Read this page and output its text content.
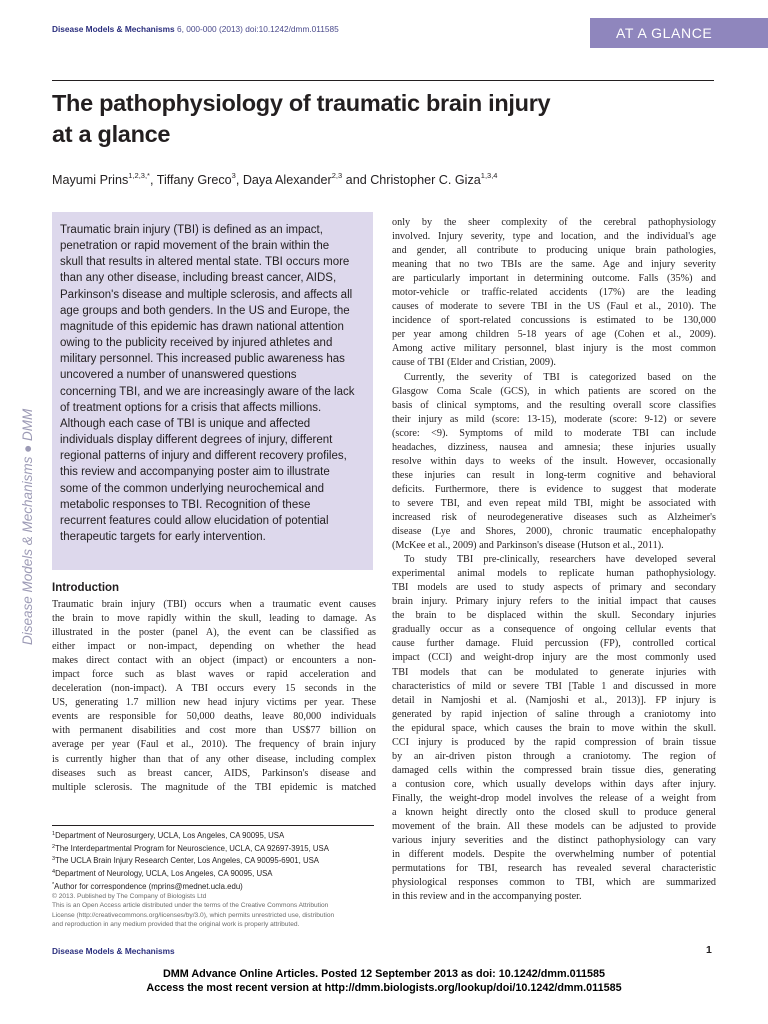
Disease Models & Mechanisms 6, 000-000 (2013) doi:10.1242/dmm.011585	AT A GLANCE
Disease Models & Mechanisms ● DMM
The pathophysiology of traumatic brain injury
at a glance
Mayumi Prins$^{1,2,3,*}$, Tiffany Greco$^3$, Daya Alexander$^{2,3}$ and Christopher C. Giza$^{1,3,4}$

Traumatic brain injury (TBI) is defined as an impact,

penetration or rapid movement of the brain within the

skull that results in altered mental state. TBI occurs more

than any other disease, including breast cancer, AIDS,

Parkinson's disease and multiple sclerosis, and affects all

age groups and both genders. In the US and Europe, the

magnitude of this epidemic has drawn national attention

owing to the publicity received by injured athletes and

military personnel. This increased public awareness has

uncovered a number of unanswered questions

concerning TBI, and we are increasingly aware of the lack

of treatment options for a crisis that affects millions.

Although each case of TBI is unique and affected

individuals display different degrees of injury, different

regional patterns of injury and different recovery profiles,

this review and accompanying poster aim to illustrate

some of the common underlying neurochemical and

metabolic responses to TBI. Recognition of these

recurrent features could allow elucidation of potential

therapeutic targets for early intervention.

Introduction
Traumatic brain injury (TBI) occurs when a traumatic event causes
the brain to move rapidly within the skull, leading to damage. As
illustrated in the poster (panel A), the event can be classified as
either impact or non-impact, depending on whether the head
makes direct contact with an object (impact) or encounters a non-
impact force such as blast waves or rapid acceleration and
deceleration (non-impact). A TBI occurs every 15 seconds in the
US, generating 1.7 million new head injury victims per year. These
events are responsible for 50,000 deaths, leave 80,000 individuals
with permanent disabilities and cost more than US$77 billion on
average per year (Faul et al., 2010). The frequency of brain injury
is currently higher than that of any other disease, including complex
diseases such as breast cancer, AIDS, Parkinson's disease and
multiple sclerosis. The magnitude of the TBI epidemic is matched
only by the sheer complexity of the cerebral pathophysiology
involved. Injury severity, type and location, and the individual's age
and gender, all contribute to producing unique brain pathologies,
meaning that no two TBIs are the same. Age and injury severity
are particularly important in determining outcome. Falls (35%) and
motor-vehicle or traffic-related accidents (17%) are the leading
causes of moderate to severe TBI in the US (Faul et al., 2010). The
incidence of sport-related concussions is estimated to be 130,000
per year among children 5-18 years of age (Cohen et al., 2009).
Among active military personnel, blast injury is the most common
cause of TBI (Elder and Cristian, 2009).
Currently, the severity of TBI is categorized based on the
Glasgow Coma Scale (GCS), in which patients are scored on the
basis of clinical symptoms, and the resulting overall score classifies
their injury as mild (score: 13-15), moderate (score: 9-12) or severe
(score: <9). Symptoms of mild to moderate TBI can include
headaches, dizziness, nausea and amnesia; these injuries usually
resolve within days to weeks of the insult. However, occasionally
these injuries can result in long-term cognitive and behavioral
deficits. Furthermore, there is evidence to suggest that moderate
to severe TBI, and even repeat mild TBI, might be associated with
increased risk of neurodegenerative diseases such as Alzheimer's
disease (Lye and Shores, 2000), chronic traumatic encephalopathy
(McKee et al., 2009) and Parkinson's disease (Hutson et al., 2011).
To study TBI pre-clinically, researchers have developed several
experimental animal models to replicate human pathophysiology.
TBI models are used to study aspects of primary and secondary
brain injury. Primary injury refers to the initial impact that causes
the brain to be displaced within the skull. Secondary injuries
gradually occur as a consequence of ongoing cellular events that
cause further damage. Fluid percussion (FP), controlled cortical
impact (CCI) and weight-drop injury are the most commonly used
TBI models that can be modulated to generate injuries with
characteristics of mild or severe TBI [Table 1 and discussed in more
detail in Namjoshi et al. (Namjoshi et al., 2013)]. FP injury is
generated by rapid injection of saline through a craniotomy into
the epidural space, which causes the brain to move within the skull.
CCI injury is produced by the rapid compression of brain tissue
by an air-driven piston through a craniotomy. The region of
damaged cells within the compressed brain tissue dies, generating
a contusion core, which usually develops within days after injury.
Finally, the weight-drop model involves the release of a weight from
a known height directly onto the closed skull to produce general
movement of the brain. All these models can be adjusted to provide
various injury severities and the distinct pathophysiology can vary
in different models. Despite the overwhelming number of potential
permutations for TBI, research has revealed several characteristic
physiological responses common to TBI, which are summarized
in this review and in the accompanying poster.
$^1$Department of Neurosurgery, UCLA, Los Angeles, CA 90095, USA
$^2$The Interdepartmental Program for Neuroscience, UCLA, CA 92697-3915, USA
$^3$The UCLA Brain Injury Research Center, Los Angeles, CA 90095-6901, USA
$^4$Department of Neurology, UCLA, Los Angeles, CA 90095, USA
*Author for correspondence (mprins@mednet.ucla.edu)
© 2013. Published by The Company of Biologists Ltd
This is an Open Access article distributed under the terms of the Creative Commons Attribution
License (http://creativecommons.org/licenses/by/3.0), which permits unrestricted use, distribution
and reproduction in any medium provided that the original work is properly attributed.
Disease Models & Mechanisms	1
DMM Advance Online Articles. Posted 12 September 2013 as doi: 10.1242/dmm.011585
Access the most recent version at http://dmm.biologists.org/lookup/doi/10.1242/dmm.011585
